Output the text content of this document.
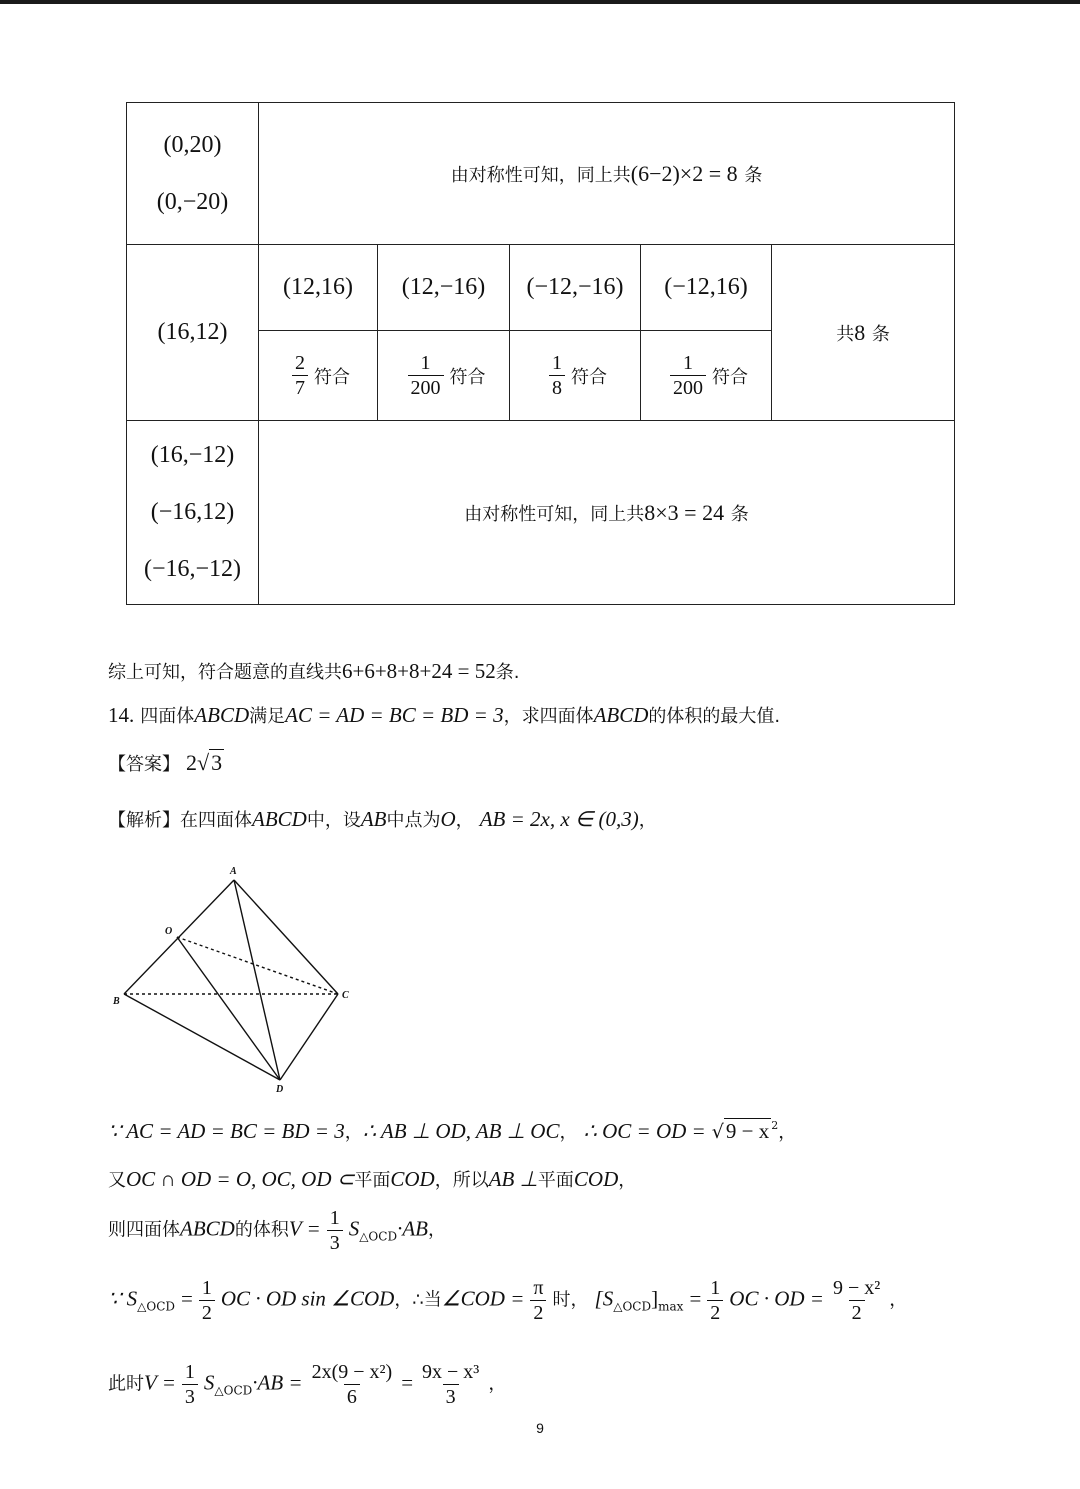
(0,20)
(0,−20)	由对称性可知，同上共(6−2)×2 = 8 条				

(16,12)	(12,16)	(12,−16)	(−12,−16)	(−12,16)	共8 条

	$\frac{2}{7}$ 符合	$\frac{1}{200}$ 符合	$\frac{1}{8}$ 符合	$\frac{1}{200}$ 符合	

(16,−12)
(−16,12)
(−16,−12)	由对称性可知，同上共8×3 = 24 条				
综上可知，符合题意的直线共6+6+8+8+24 = 52条.
14. 四面体ABCD满足AC = AD = BC = BD = 3，求四面体ABCD的体积的最大值.
【答案】 2√3
【解析】在四面体ABCD中，设AB中点为O， AB = 2x, x ∈ (0,3)，
A
O
B
C
D
∵ AC = AD = BC = BD = 3，∴ AB ⊥ OD, AB ⊥ OC， ∴ OC = OD = √9 − x $^2$，
又OC ∩ OD = O, OC, OD ⊂平面COD，所以AB ⊥平面COD，
则四面体ABCD的体积$V = \frac{1}{3} S_{\triangle OCD}\cdot AB$，
∵ $S_{\triangle OCD} = \frac{1}{2}$ OC · OD sin ∠COD，∴当∠COD = $\frac{\pi}{2}$ 时， $[S_{\triangle OCD}]_{max} = \frac{1}{2}$ OC · OD = $\frac{\text{9 − x²}}{2}$ ，
此时$V = \frac{1}{3} S_{\triangle OCD}\cdot AB = \frac{\text{2x(9 − x²)}}{6} = \frac{\text{9x − x³}}{3}$ ，
9
